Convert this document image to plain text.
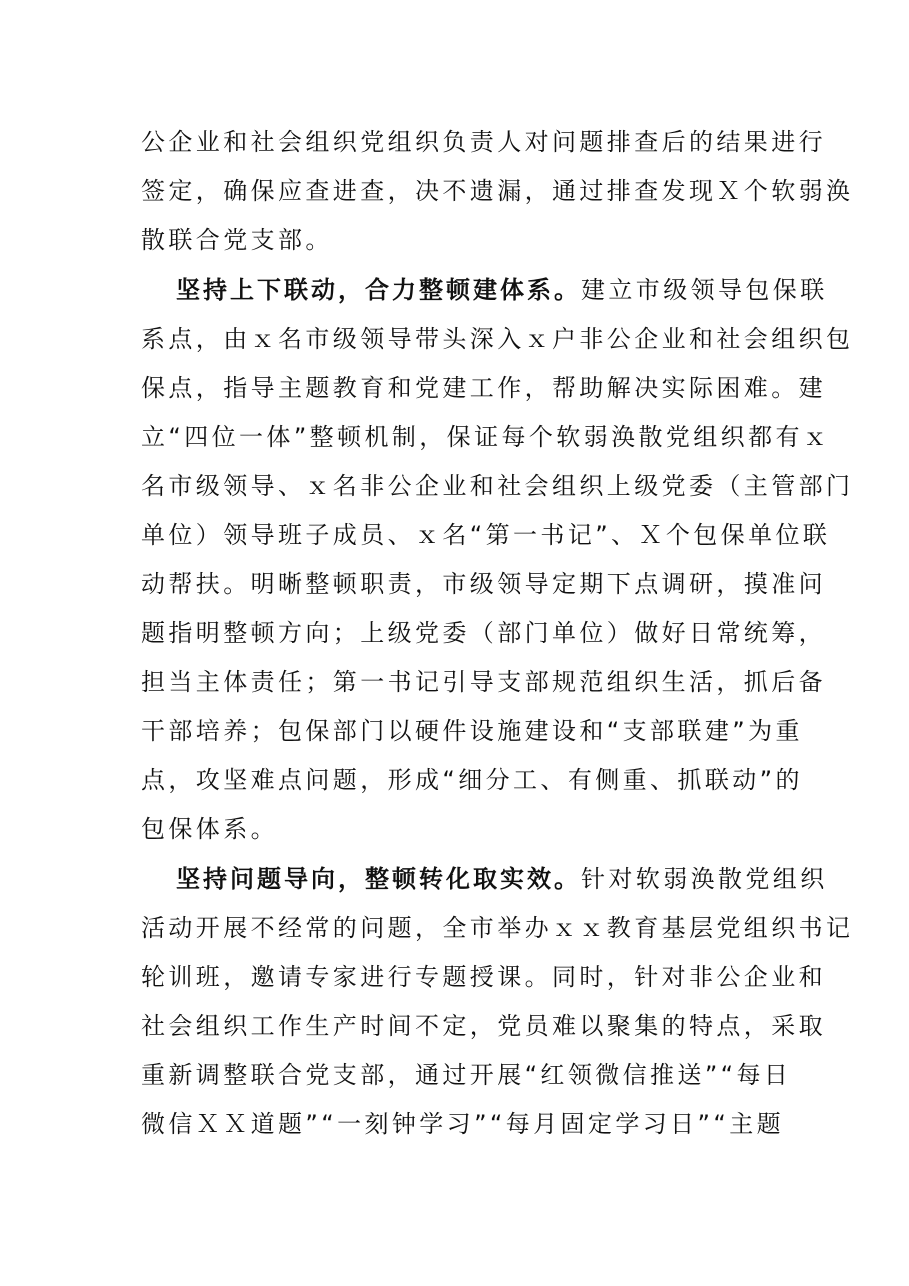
公企业和社会组织党组织负责人对问题排查后的结果进行
签定，确保应查进查，决不遗漏，通过排查发现Ｘ个软弱涣
散联合党支部。
坚持上下联动，合力整顿建体系。建立市级领导包保联
系点，由ｘ名市级领导带头深入ｘ户非公企业和社会组织包
保点，指导主题教育和党建工作，帮助解决实际困难。建
立“四位一体”整顿机制，保证每个软弱涣散党组织都有ｘ
名市级领导、ｘ名非公企业和社会组织上级党委（主管部门
单位）领导班子成员、ｘ名“第一书记”、Ｘ个包保单位联
动帮扶。明晰整顿职责，市级领导定期下点调研，摸准问
题指明整顿方向；上级党委（部门单位）做好日常统筹，
担当主体责任；第一书记引导支部规范组织生活，抓后备
干部培养；包保部门以硬件设施建设和“支部联建”为重
点，攻坚难点问题，形成“细分工、有侧重、抓联动”的
包保体系。
坚持问题导向，整顿转化取实效。针对软弱涣散党组织
活动开展不经常的问题，全市举办ｘｘ教育基层党组织书记
轮训班，邀请专家进行专题授课。同时，针对非公企业和
社会组织工作生产时间不定，党员难以聚集的特点，采取
重新调整联合党支部，通过开展“红领微信推送”“每日
微信ＸＸ道题”“一刻钟学习”“每月固定学习日”“主题
